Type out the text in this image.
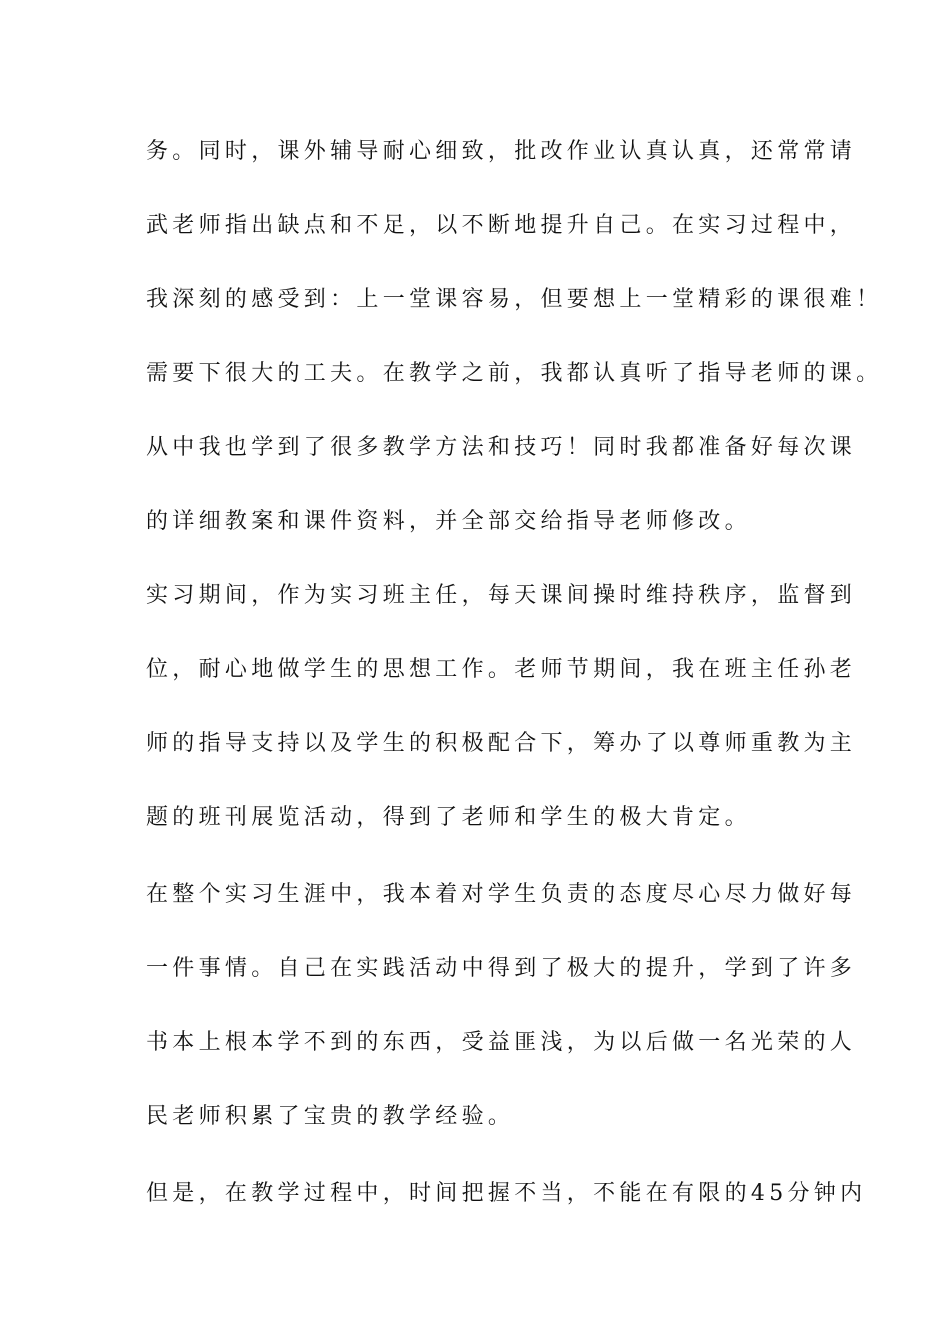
务。同时，课外辅导耐心细致，批改作业认真认真，还常常请
武老师指出缺点和不足，以不断地提升自己。在实习过程中，
我深刻的感受到：上一堂课容易，但要想上一堂精彩的课很难！
需要下很大的工夫。在教学之前，我都认真听了指导老师的课。
从中我也学到了很多教学方法和技巧！同时我都准备好每次课
的详细教案和课件资料，并全部交给指导老师修改。
实习期间，作为实习班主任，每天课间操时维持秩序，监督到
位，耐心地做学生的思想工作。老师节期间，我在班主任孙老
师的指导支持以及学生的积极配合下，筹办了以尊师重教为主
题的班刊展览活动，得到了老师和学生的极大肯定。
在整个实习生涯中，我本着对学生负责的态度尽心尽力做好每
一件事情。自己在实践活动中得到了极大的提升，学到了许多
书本上根本学不到的东西，受益匪浅，为以后做一名光荣的人
民老师积累了宝贵的教学经验。
但是，在教学过程中，时间把握不当，不能在有限的45分钟内
